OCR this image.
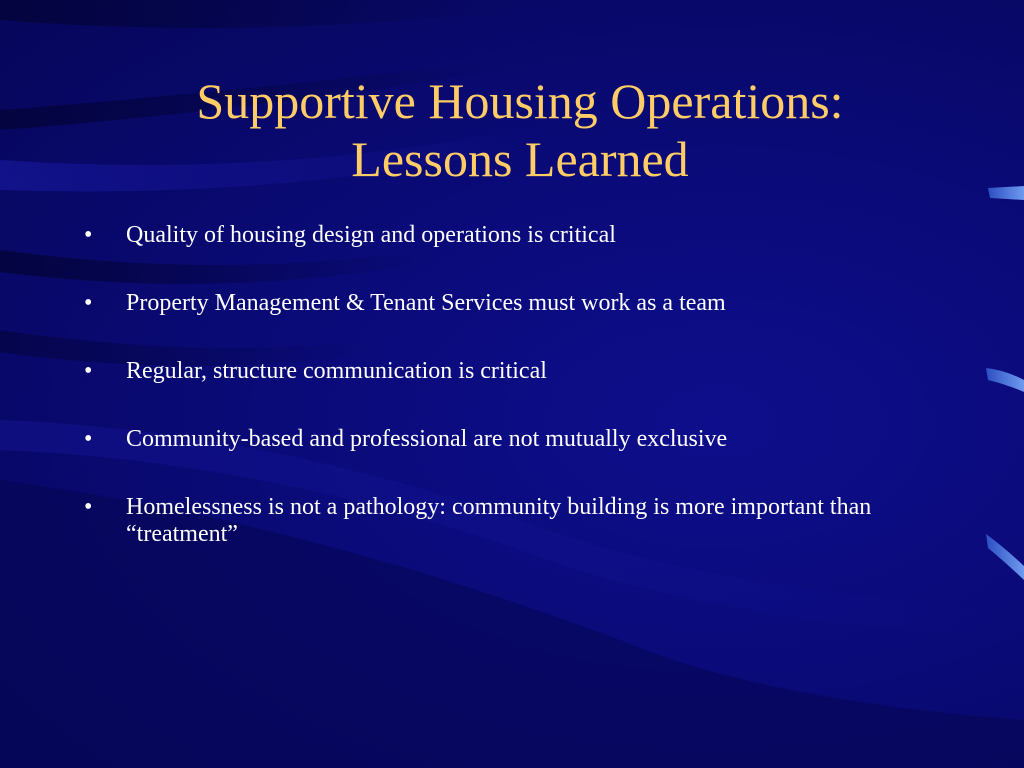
Supportive Housing Operations:
Lessons Learned
• Quality of housing design and operations is critical
• Property Management & Tenant Services must work as a team
• Regular, structure communication is critical
• Community-based and professional are not mutually exclusive
• Homelessness is not a pathology: community building is more important than “treatment”
